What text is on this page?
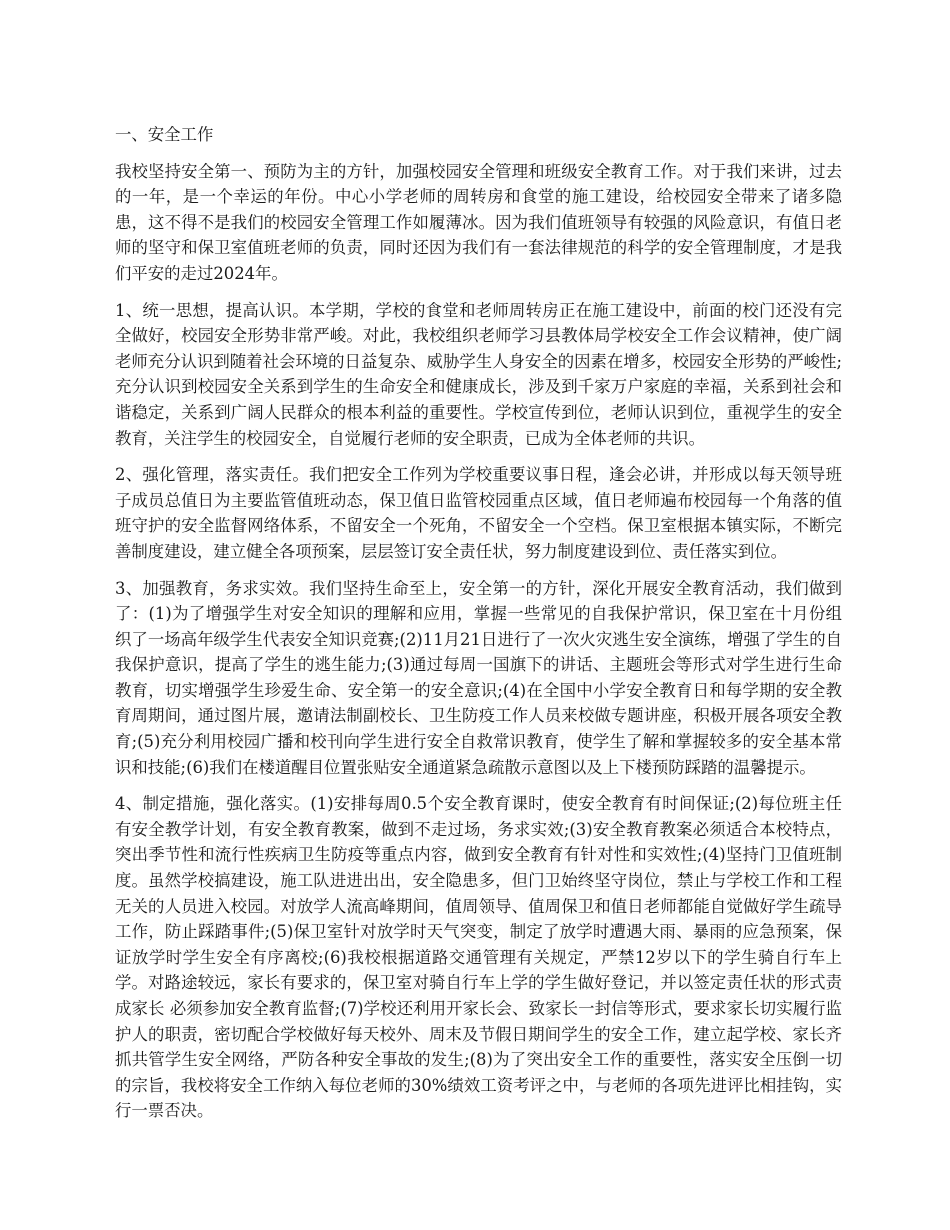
一、安全工作

我校坚持安全第一、预防为主的方针，加强校园安全管理和班级安全教育工作。对于我们来讲，过去的一年，是一个幸运的年份。中心小学老师的周转房和食堂的施工建设，给校园安全带来了诸多隐患，这不得不是我们的校园安全管理工作如履薄冰。因为我们值班领导有较强的风险意识，有值日老师的坚守和保卫室值班老师的负责，同时还因为我们有一套法律规范的科学的安全管理制度，才是我们平安的走过2024年。

1、统一思想，提高认识。本学期，学校的食堂和老师周转房正在施工建设中，前面的校门还没有完全做好，校园安全形势非常严峻。对此，我校组织老师学习县教体局学校安全工作会议精神，使广阔老师充分认识到随着社会环境的日益复杂、威胁学生人身安全的因素在增多，校园安全形势的严峻性;充分认识到校园安全关系到学生的生命安全和健康成长，涉及到千家万户家庭的幸福，关系到社会和谐稳定，关系到广阔人民群众的根本利益的重要性。学校宣传到位，老师认识到位，重视学生的安全教育，关注学生的校园安全，自觉履行老师的安全职责，已成为全体老师的共识。

2、强化管理，落实责任。我们把安全工作列为学校重要议事日程，逢会必讲，并形成以每天领导班子成员总值日为主要监管值班动态，保卫值日监管校园重点区域，值日老师遍布校园每一个角落的值班守护的安全监督网络体系，不留安全一个死角，不留安全一个空档。保卫室根据本镇实际，不断完善制度建设，建立健全各项预案，层层签订安全责任状，努力制度建设到位、责任落实到位。

3、加强教育，务求实效。我们坚持生命至上，安全第一的方针，深化开展安全教育活动，我们做到了：(1)为了增强学生对安全知识的理解和应用，掌握一些常见的自我保护常识，保卫室在十月份组织了一场高年级学生代表安全知识竞赛;(2)11月21日进行了一次火灾逃生安全演练，增强了学生的自我保护意识，提高了学生的逃生能力;(3)通过每周一国旗下的讲话、主题班会等形式对学生进行生命教育，切实增强学生珍爱生命、安全第一的安全意识;(4)在全国中小学安全教育日和每学期的安全教育周期间，通过图片展，邀请法制副校长、卫生防疫工作人员来校做专题讲座，积极开展各项安全教育;(5)充分利用校园广播和校刊向学生进行安全自救常识教育，使学生了解和掌握较多的安全基本常识和技能;(6)我们在楼道醒目位置张贴安全通道紧急疏散示意图以及上下楼预防踩踏的温馨提示。

4、制定措施，强化落实。(1)安排每周0.5个安全教育课时，使安全教育有时间保证;(2)每位班主任有安全教学计划，有安全教育教案，做到不走过场，务求实效;(3)安全教育教案必须适合本校特点，突出季节性和流行性疾病卫生防疫等重点内容，做到安全教育有针对性和实效性;(4)坚持门卫值班制度。虽然学校搞建设，施工队进进出出，安全隐患多，但门卫始终坚守岗位，禁止与学校工作和工程无关的人员进入校园。对放学人流高峰期间，值周领导、值周保卫和值日老师都能自觉做好学生疏导工作，防止踩踏事件;(5)保卫室针对放学时天气突变，制定了放学时遭遇大雨、暴雨的应急预案，保证放学时学生安全有序离校;(6)我校根据道路交通管理有关规定，严禁12岁以下的学生骑自行车上学。对路途较远，家长有要求的，保卫室对骑自行车上学的学生做好登记，并以签定责任状的形式责成家长 必须参加安全教育监督;(7)学校还利用开家长会、致家长一封信等形式，要求家长切实履行监护人的职责，密切配合学校做好每天校外、周末及节假日期间学生的安全工作，建立起学校、家长齐抓共管学生安全网络，严防各种安全事故的发生;(8)为了突出安全工作的重要性，落实安全压倒一切的宗旨，我校将安全工作纳入每位老师的30%绩效工资考评之中，与老师的各项先进评比相挂钩，实行一票否决。
